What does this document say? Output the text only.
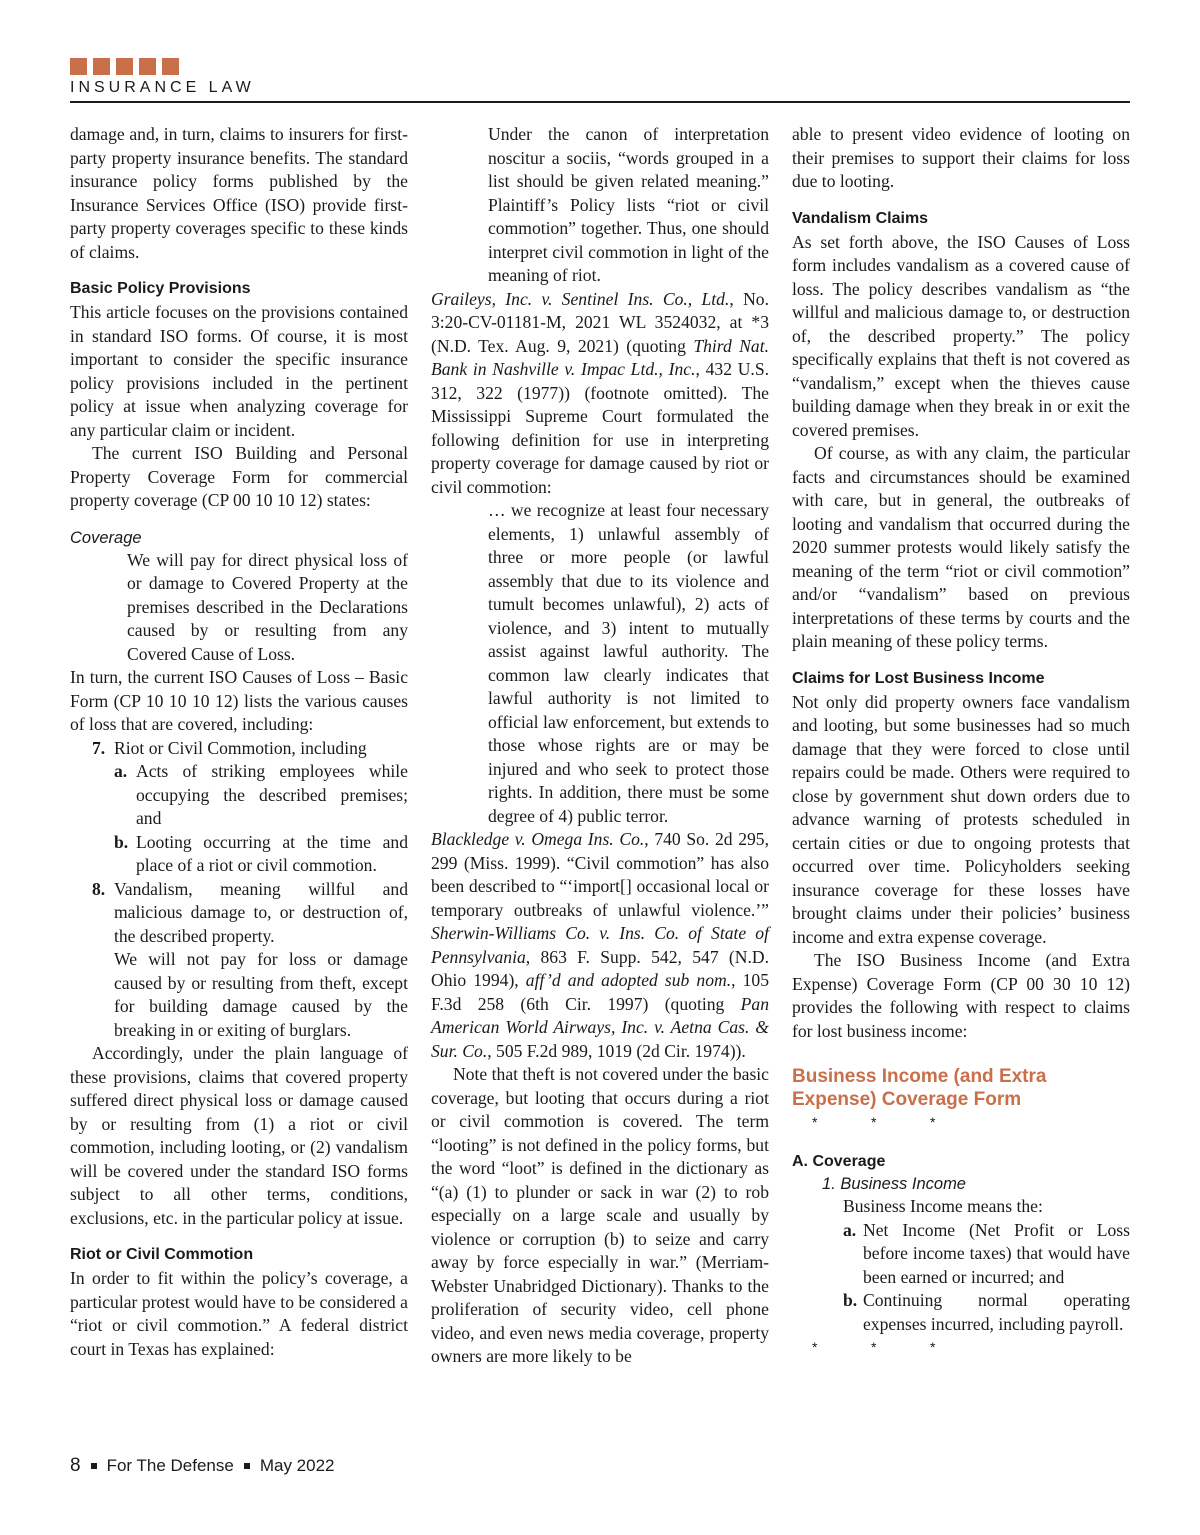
INSURANCE LAW

damage and, in turn, claims to insurers for first-party property insurance benefits. The standard insurance policy forms published by the Insurance Services Office (ISO) provide first-party property coverages specific to these kinds of claims.

Basic Policy Provisions

This article focuses on the provisions contained in standard ISO forms. Of course, it is most important to consider the specific insurance policy provisions included in the pertinent policy at issue when analyzing coverage for any particular claim or incident.

The current ISO Building and Personal Property Coverage Form for commercial property coverage (CP 00 10 10 12) states:

Coverage

We will pay for direct physical loss of or damage to Covered Property at the premises described in the Declarations caused by or resulting from any Covered Cause of Loss.

In turn, the current ISO Causes of Loss – Basic Form (CP 10 10 10 12) lists the various causes of loss that are covered, including:

7. Riot or Civil Commotion, including
a. Acts of striking employees while occupying the described premises; and
b. Looting occurring at the time and place of a riot or civil commotion.
8. Vandalism, meaning willful and malicious damage to, or destruction of, the described property.

We will not pay for loss or damage caused by or resulting from theft, except for building damage caused by the breaking in or exiting of burglars.

Accordingly, under the plain language of these provisions, claims that covered property suffered direct physical loss or damage caused by or resulting from (1) a riot or civil commotion, including looting, or (2) vandalism will be covered under the standard ISO forms subject to all other terms, conditions, exclusions, etc. in the particular policy at issue.

Riot or Civil Commotion

In order to fit within the policy’s coverage, a particular protest would have to be considered a “riot or civil commotion.” A federal district court in Texas has explained:

Under the canon of interpretation noscitur a sociis, “words grouped in a list should be given related meaning.” Plaintiff’s Policy lists “riot or civil commotion” together. Thus, one should interpret civil commotion in light of the meaning of riot.

Graileys, Inc. v. Sentinel Ins. Co., Ltd., No. 3:20-CV-01181-M, 2021 WL 3524032, at *3 (N.D. Tex. Aug. 9, 2021) (quoting Third Nat. Bank in Nashville v. Impac Ltd., Inc., 432 U.S. 312, 322 (1977)) (footnote omitted). The Mississippi Supreme Court formulated the following definition for use in interpreting property coverage for damage caused by riot or civil commotion:

… we recognize at least four necessary elements, 1) unlawful assembly of three or more people (or lawful assembly that due to its violence and tumult becomes unlawful), 2) acts of violence, and 3) intent to mutually assist against lawful authority. The common law clearly indicates that lawful authority is not limited to official law enforcement, but extends to those whose rights are or may be injured and who seek to protect those rights. In addition, there must be some degree of 4) public terror.

Blackledge v. Omega Ins. Co., 740 So. 2d 295, 299 (Miss. 1999). “Civil commotion” has also been described to “‘import[] occasional local or temporary outbreaks of unlawful violence.’” Sherwin-Williams Co. v. Ins. Co. of State of Pennsylvania, 863 F. Supp. 542, 547 (N.D. Ohio 1994), aff’d and adopted sub nom., 105 F.3d 258 (6th Cir. 1997) (quoting Pan American World Airways, Inc. v. Aetna Cas. & Sur. Co., 505 F.2d 989, 1019 (2d Cir. 1974)).

Note that theft is not covered under the basic coverage, but looting that occurs during a riot or civil commotion is covered. The term “looting” is not defined in the policy forms, but the word “loot” is defined in the dictionary as “(a) (1) to plunder or sack in war (2) to rob especially on a large scale and usually by violence or corruption (b) to seize and carry away by force especially in war.” (Merriam-Webster Unabridged Dictionary). Thanks to the proliferation of security video, cell phone video, and even news media coverage, property owners are more likely to be

able to present video evidence of looting on their premises to support their claims for loss due to looting.

Vandalism Claims

As set forth above, the ISO Causes of Loss form includes vandalism as a covered cause of loss. The policy describes vandalism as “the willful and malicious damage to, or destruction of, the described property.” The policy specifically explains that theft is not covered as “vandalism,” except when the thieves cause building damage when they break in or exit the covered premises.

Of course, as with any claim, the particular facts and circumstances should be examined with care, but in general, the outbreaks of looting and vandalism that occurred during the 2020 summer protests would likely satisfy the meaning of the term “riot or civil commotion” and/or “vandalism” based on previous interpretations of these terms by courts and the plain meaning of these policy terms.

Claims for Lost Business Income

Not only did property owners face vandalism and looting, but some businesses had so much damage that they were forced to close until repairs could be made. Others were required to close by government shut down orders due to advance warning of protests scheduled in certain cities or due to ongoing protests that occurred over time. Policyholders seeking insurance coverage for these losses have brought claims under their policies’ business income and extra expense coverage.

The ISO Business Income (and Extra Expense) Coverage Form (CP 00 30 10 12) provides the following with respect to claims for lost business income:

Business Income (and Extra Expense) Coverage Form
*	*	*
A. Coverage
1. Business Income
Business Income means the:
a. Net Income (Net Profit or Loss before income taxes) that would have been earned or incurred; and
b. Continuing normal operating expenses incurred, including payroll.
*	*	*
8 For The Defense May 2022
